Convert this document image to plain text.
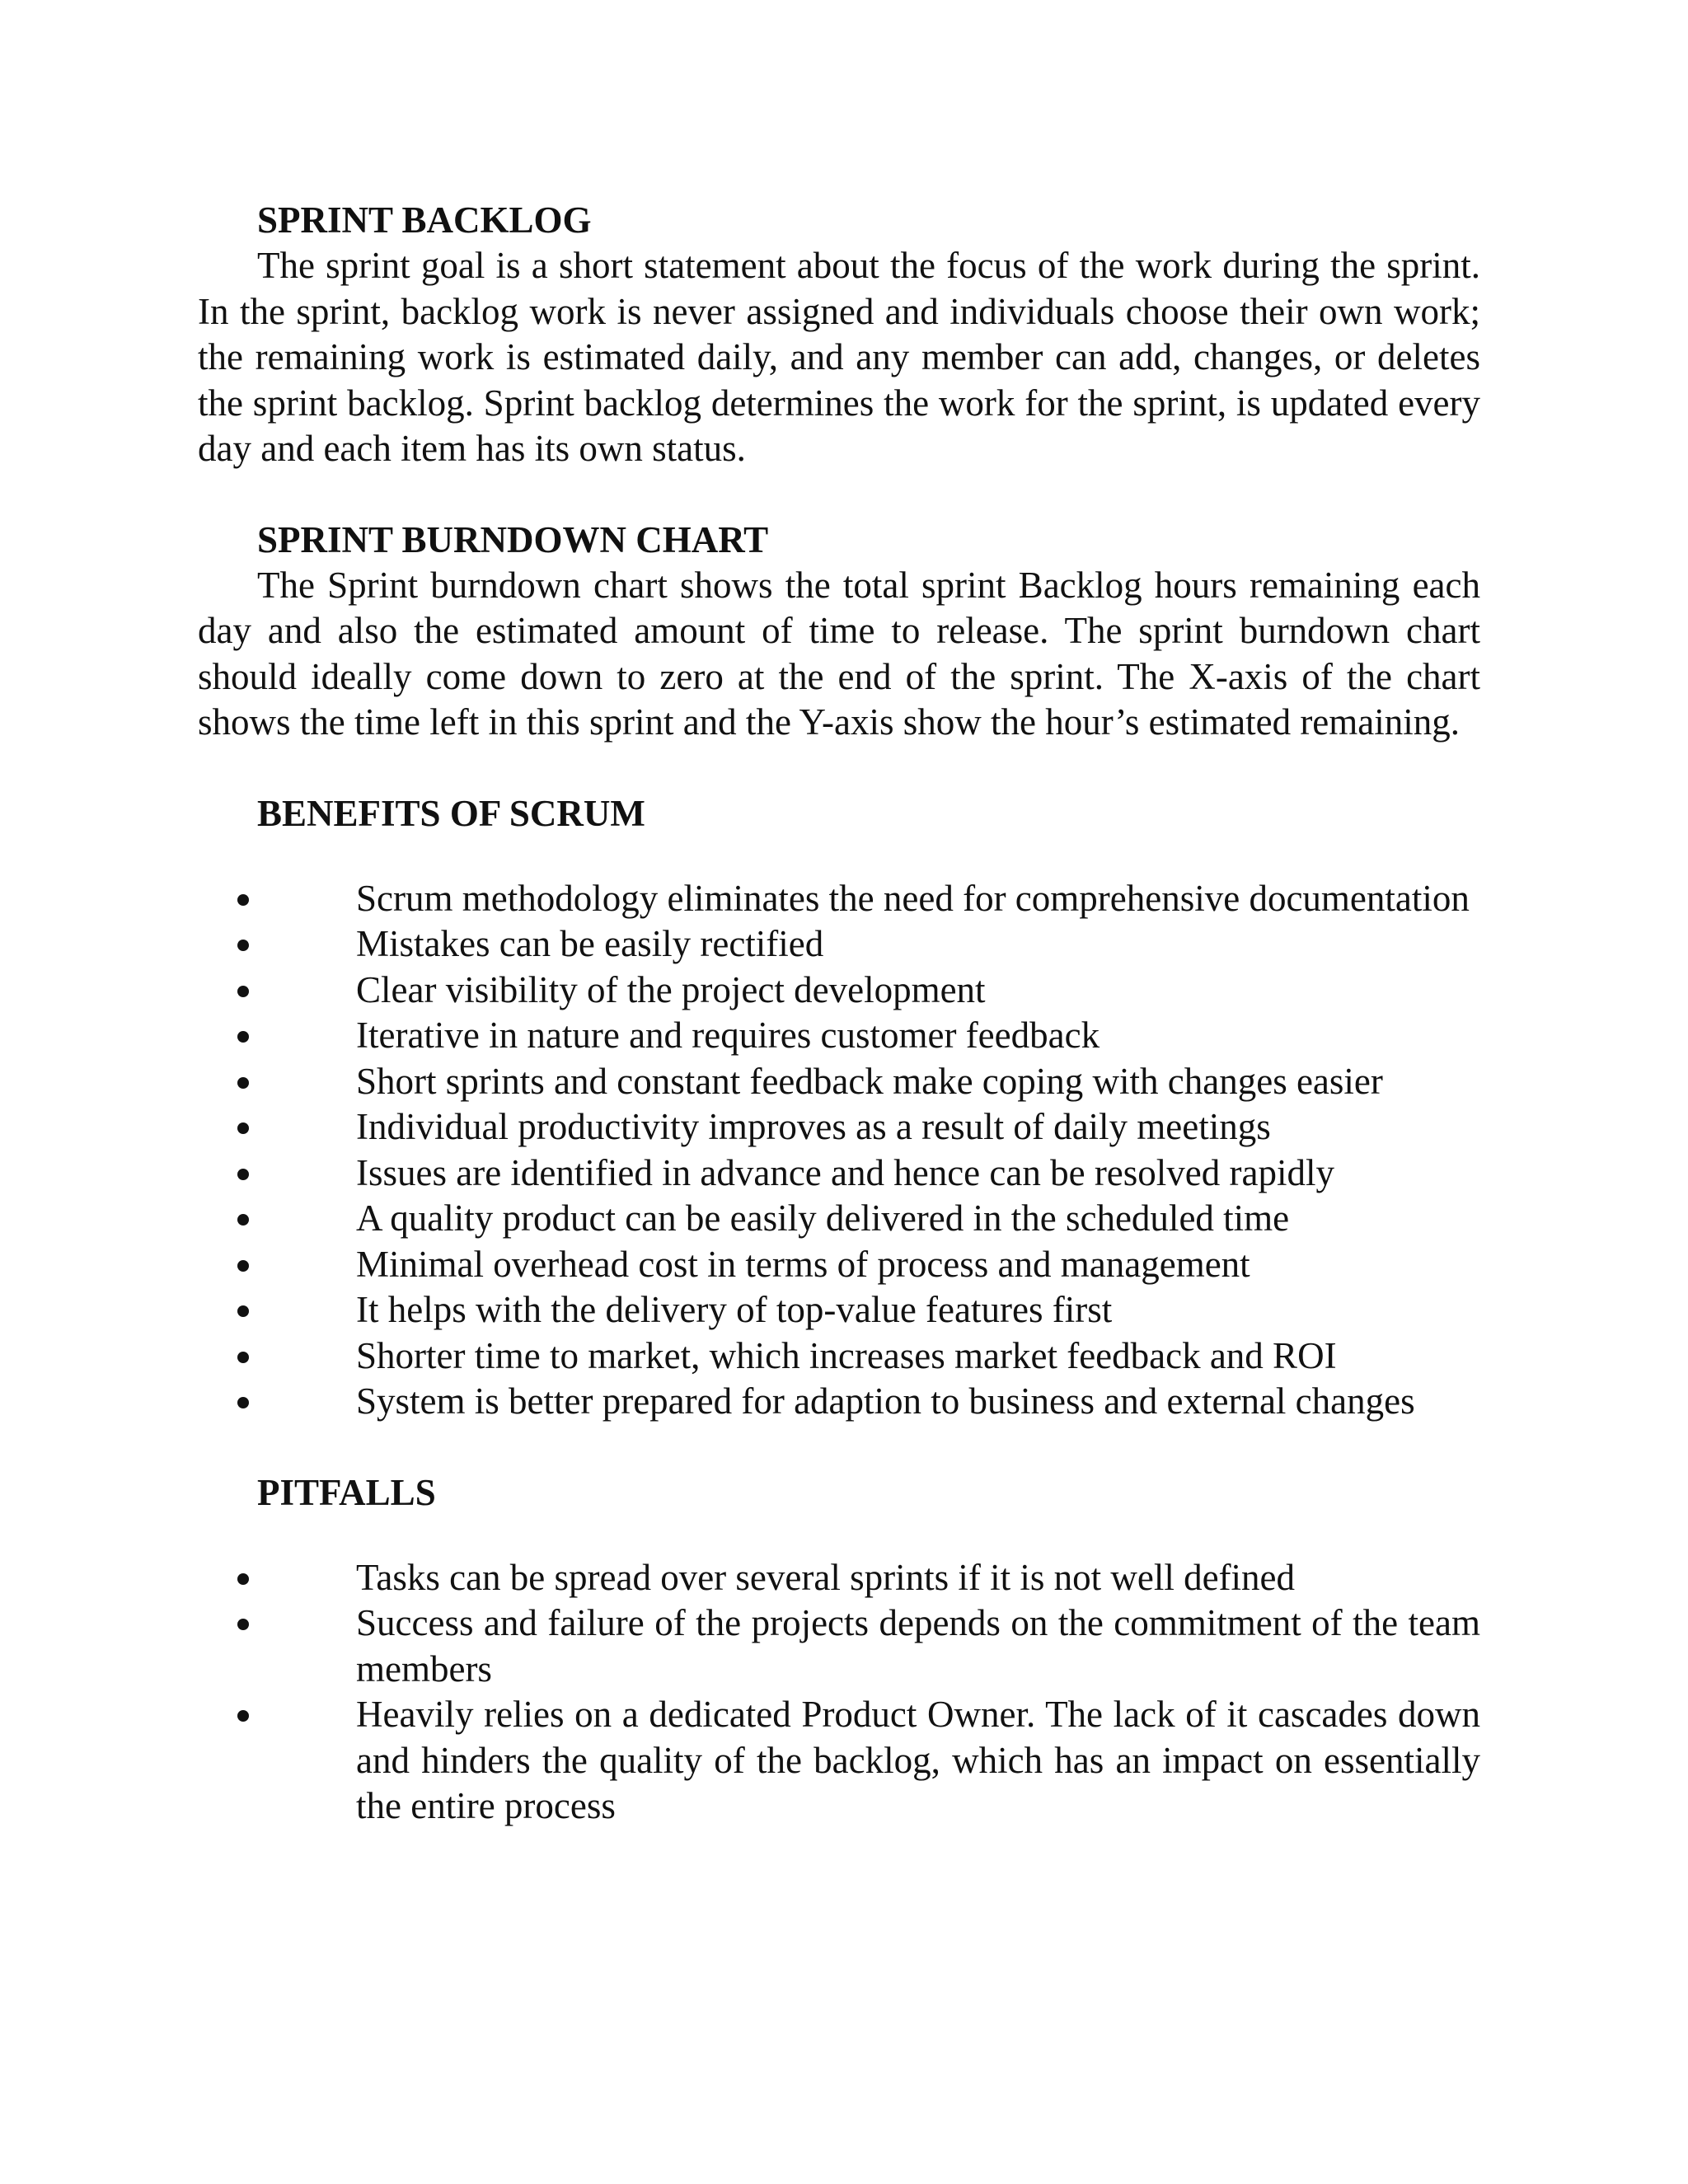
SPRINT BACKLOG

The sprint goal is a short statement about the focus of the work during the sprint. In the sprint, backlog work is never assigned and individuals choose their own work; the remaining work is estimated daily, and any member can add, changes, or deletes the sprint backlog. Sprint backlog determines the work for the sprint, is updated every day and each item has its own status.

SPRINT BURNDOWN CHART

The Sprint burndown chart shows the total sprint Backlog hours remaining each day and also the estimated amount of time to release. The sprint burndown chart should ideally come down to zero at the end of the sprint. The X-axis of the chart shows the time left in this sprint and the Y-axis show the hour’s estimated remaining.

BENEFITS OF SCRUM
Scrum methodology eliminates the need for comprehensive documentation
Mistakes can be easily rectified
Clear visibility of the project development
Iterative in nature and requires customer feedback
Short sprints and constant feedback make coping with changes easier
Individual productivity improves as a result of daily meetings
Issues are identified in advance and hence can be resolved rapidly
A quality product can be easily delivered in the scheduled time
Minimal overhead cost in terms of process and management
It helps with the delivery of top-value features first
Shorter time to market, which increases market feedback and ROI
System is better prepared for adaption to business and external changes
PITFALLS
Tasks can be spread over several sprints if it is not well defined
Success and failure of the projects depends on the commitment of the team members
Heavily relies on a dedicated Product Owner. The lack of it cascades down and hinders the quality of the backlog, which has an impact on essentially the entire process
